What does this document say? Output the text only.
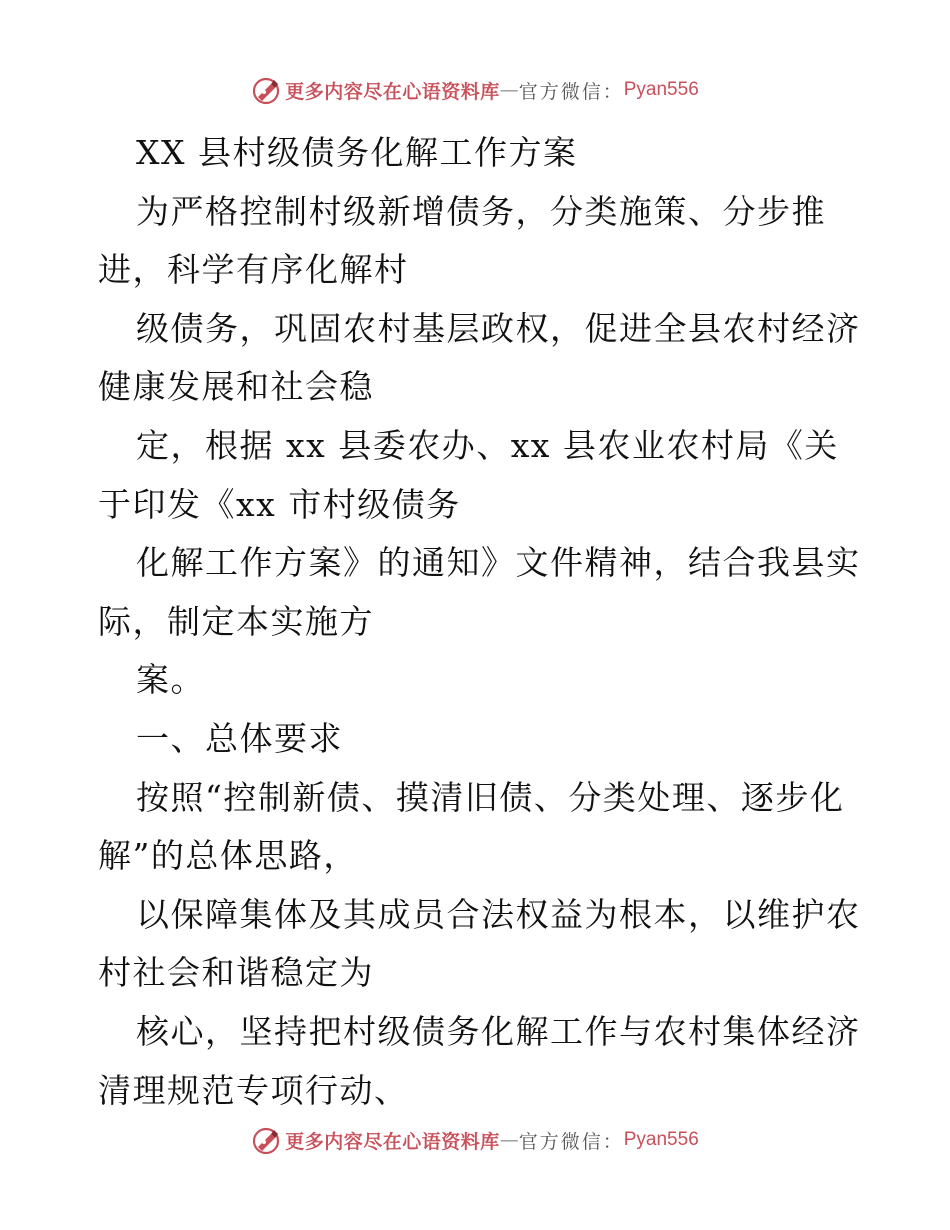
更多内容尽在心语资料库 — 官方微信： Pyan556

XX 县村级债务化解工作方案

为严格控制村级新增债务，分类施策、分步推

进，科学有序化解村

级债务，巩固农村基层政权，促进全县农村经济

健康发展和社会稳

定，根据 xx 县委农办、xx 县农业农村局《关

于印发《xx 市村级债务

化解工作方案》的通知》文件精神，结合我县实

际，制定本实施方

案。

一、总体要求

按照“控制新债、摸清旧债、分类处理、逐步化

解”的总体思路，

以保障集体及其成员合法权益为根本，以维护农

村社会和谐稳定为

核心，坚持把村级债务化解工作与农村集体经济

清理规范专项行动、

更多内容尽在心语资料库 — 官方微信： Pyan556
